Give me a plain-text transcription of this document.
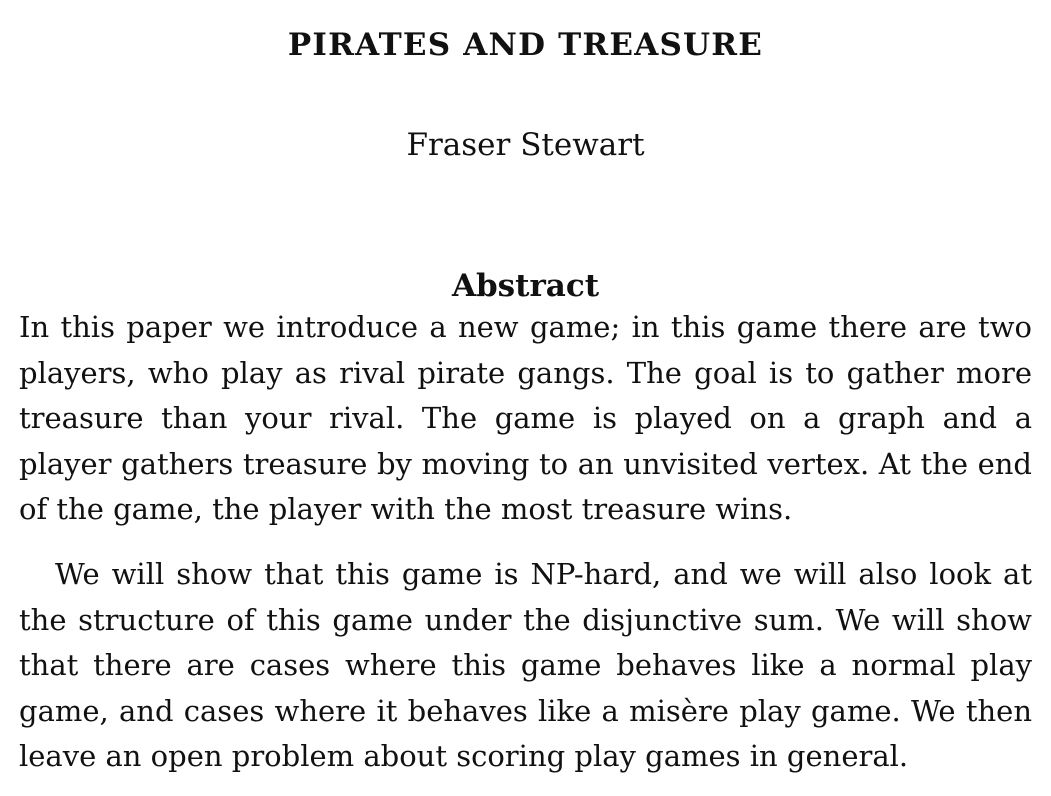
PIRATES AND TREASURE
Fraser Stewart
Abstract

In this paper we introduce a new game; in this game there are two players, who play as rival pirate gangs. The goal is to gather more treasure than your rival. The game is played on a graph and a player gathers treasure by moving to an unvisited vertex. At the end of the game, the player with the most treasure wins.

We will show that this game is NP-hard, and we will also look at the structure of this game under the disjunctive sum. We will show that there are cases where this game behaves like a normal play game, and cases where it behaves like a misère play game. We then leave an open problem about scoring play games in general.
